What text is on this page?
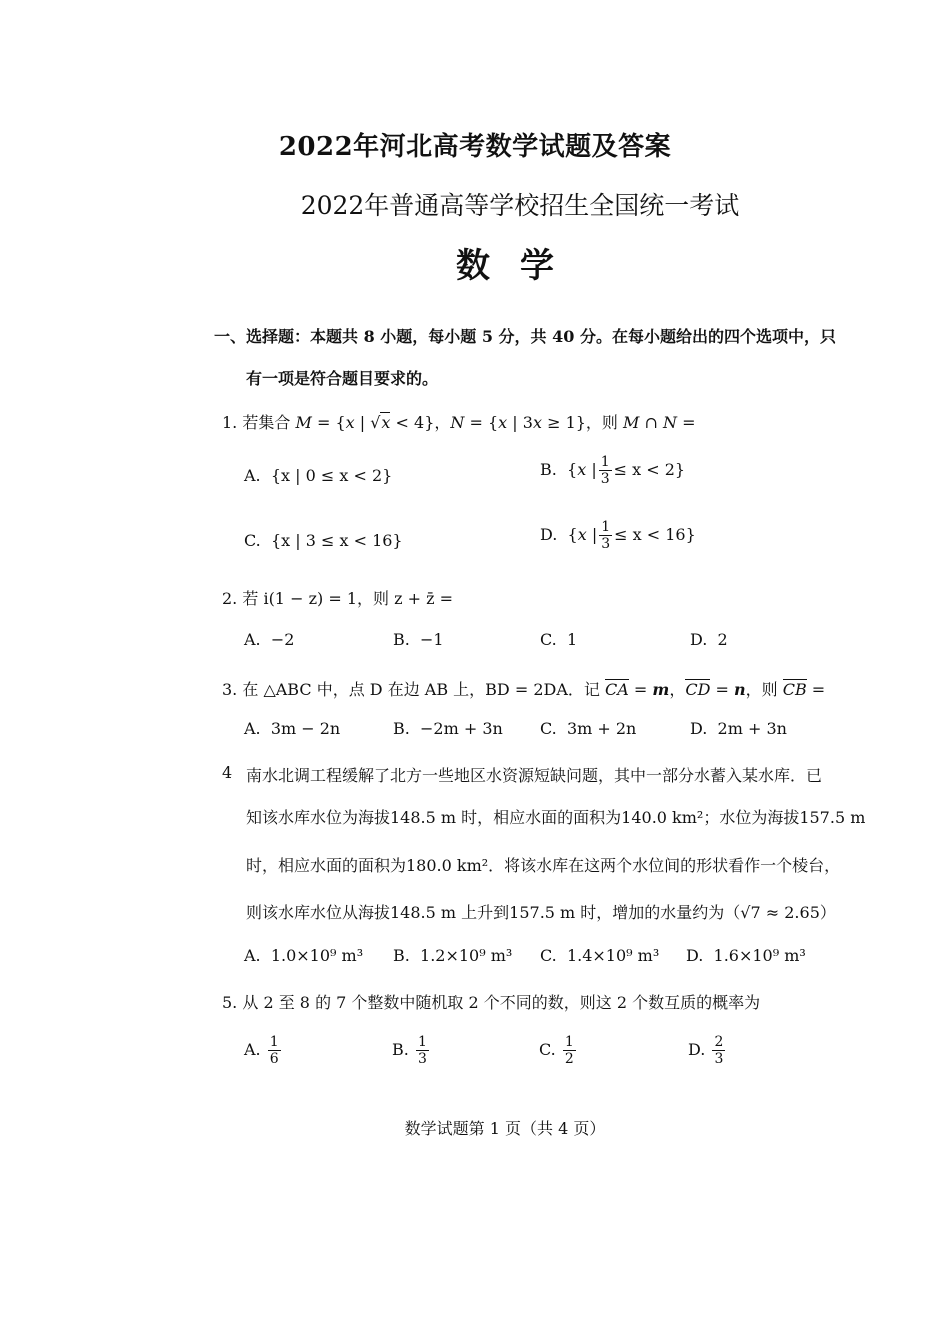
2022年河北高考数学试题及答案
2022年普通高等学校招生全国统一考试
数学
一、选择题：本题共 8 小题，每小题 5 分，共 40 分。在每小题给出的四个选项中，只
有一项是符合题目要求的。
1. 若集合 M = {x | √x < 4}，N = {x | 3x ≥ 1}，则 M ∩ N =
A. {x | 0 ≤ x < 2}	B.  {x | $\frac{1}{3} \le x < 2$}
C. {x | 3 ≤ x < 16}	D.  {x | $\frac{1}{3} \le x < 16$}
2. 若 i(1 − z) = 1，则 z + z̄ =
A. −2	B. −1	C. 1	D. 2
3. 在 △ABC 中，点 D 在边 AB 上，BD = 2DA．记 CA = m，CD = n，则 CB =
A. 3m − 2n	B. −2m + 3n C. 3m + 2n	D. 2m + 3n
4 南水北调工程缓解了北方一些地区水资源短缺问题，其中一部分水蓄入某水库．已
知该水库水位为海拔148.5 m 时，相应水面的面积为140.0 km²；水位为海拔157.5 m
时，相应水面的面积为180.0 km²．将该水库在这两个水位间的形状看作一个棱台，
则该水库水位从海拔148.5 m 上升到157.5 m 时，增加的水量约为（√7 ≈ 2.65）
A. 1.0×10⁹ m³ B. 1.2×10⁹ m³ C. 1.4×10⁹ m³ D. 1.6×10⁹ m³
5. 从 2 至 8 的 7 个整数中随机取 2 个不同的数，则这 2 个数互质的概率为
A. $\frac{1}{6}$	B. $\frac{1}{3}$	C. $\frac{1}{2}$	D. $\frac{2}{3}$
数学试题第 1 页（共 4 页）
